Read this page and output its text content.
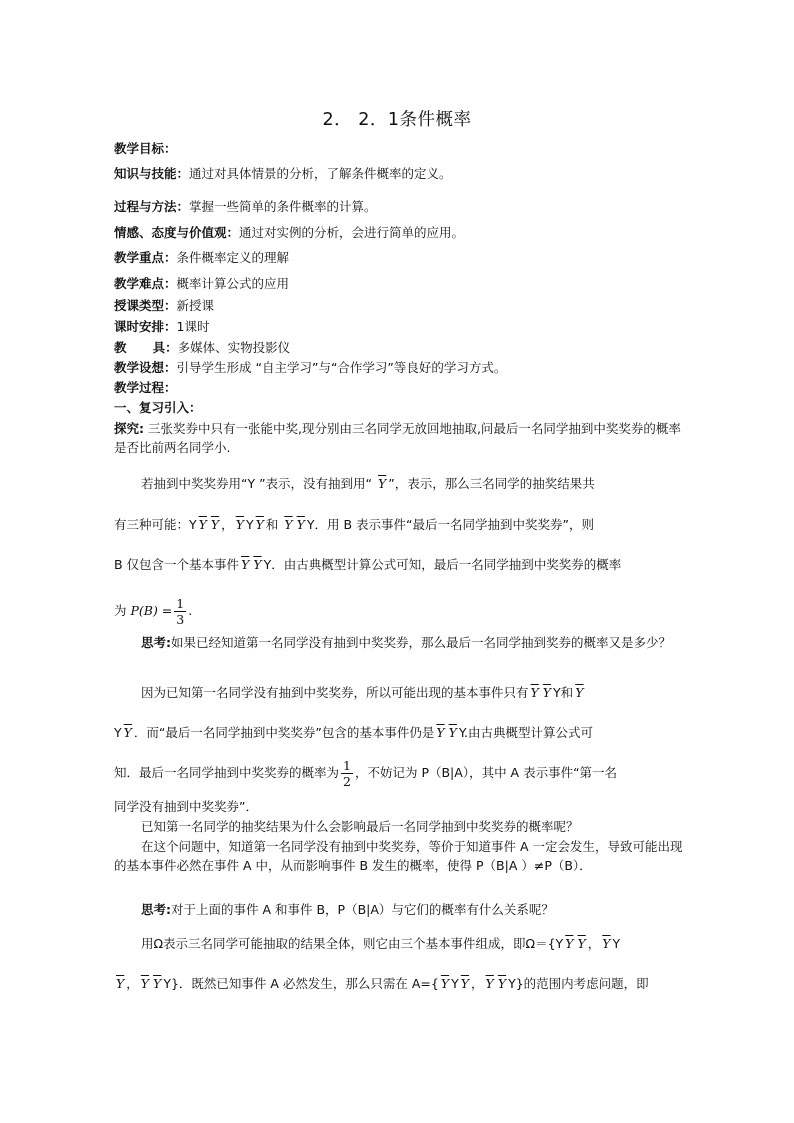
2． 2．1条件概率
教学目标：
知识与技能：通过对具体情景的分析，了解条件概率的定义。
过程与方法：掌握一些简单的条件概率的计算。
情感、态度与价值观：通过对实例的分析，会进行简单的应用。
教学重点：条件概率定义的理解
教学难点：概率计算公式的应用
授课类型：新授课
课时安排：1课时
教      具：多媒体、实物投影仪
教学设想：引导学生形成 “自主学习”与“合作学习”等良好的学习方式。
教学过程：
一、复习引入：
探究: 三张奖券中只有一张能中奖,现分别由三名同学无放回地抽取,问最后一名同学抽到中奖奖券的概率是否比前两名同学小.
若抽到中奖奖券用“Y ”表示，没有抽到用“ $\overline{Y}$ ”，表示，那么三名同学的抽奖结果共
有三种可能：Y $\overline{Y}$ $\overline{Y}$ ， $\overline{Y}$ Y $\overline{Y}$ 和 $\overline{Y}$ $\overline{Y}$ Y．用 B 表示事件“最后一名同学抽到中奖奖券”，则
B 仅包含一个基本事件 $\overline{Y}$ $\overline{Y}$ Y．由古典概型计算公式可知，最后一名同学抽到中奖奖券的概率
为 $P(B) = \frac{1}{3}$ .
思考:如果已经知道第一名同学没有抽到中奖奖券，那么最后一名同学抽到奖券的概率又是多少？
因为已知第一名同学没有抽到中奖奖券，所以可能出现的基本事件只有 $\overline{Y}$ $\overline{Y}$ Y和 $\overline{Y}$
Y $\overline{Y}$ ．而“最后一名同学抽到中奖奖券”包含的基本事件仍是 $\overline{Y}$ $\overline{Y}$ Y.由古典概型计算公式可
知．最后一名同学抽到中奖奖券的概率为 $\frac{1}{2}$ ，不妨记为 P（B|A），其中 A 表示事件“第一名
同学没有抽到中奖奖券”．
已知第一名同学的抽奖结果为什么会影响最后一名同学抽到中奖奖券的概率呢？
在这个问题中，知道第一名同学没有抽到中奖奖券，等价于知道事件 A 一定会发生，导致可能出现的基本事件必然在事件 A 中，从而影响事件 B 发生的概率，使得 P（B|A ）≠P（B）．
思考:对于上面的事件 A 和事件 B，P（B|A）与它们的概率有什么关系呢？
用Ω表示三名同学可能抽取的结果全体，则它由三个基本事件组成，即Ω＝{Y $\overline{Y}$ $\overline{Y}$ ， $\overline{Y}$ Y
$\overline{Y}$ ， $\overline{Y}$ $\overline{Y}$ Y}．既然已知事件 A 必然发生，那么只需在 A={ $\overline{Y}$ Y $\overline{Y}$ ， $\overline{Y}$ $\overline{Y}$ Y}的范围内考虑问题，即
